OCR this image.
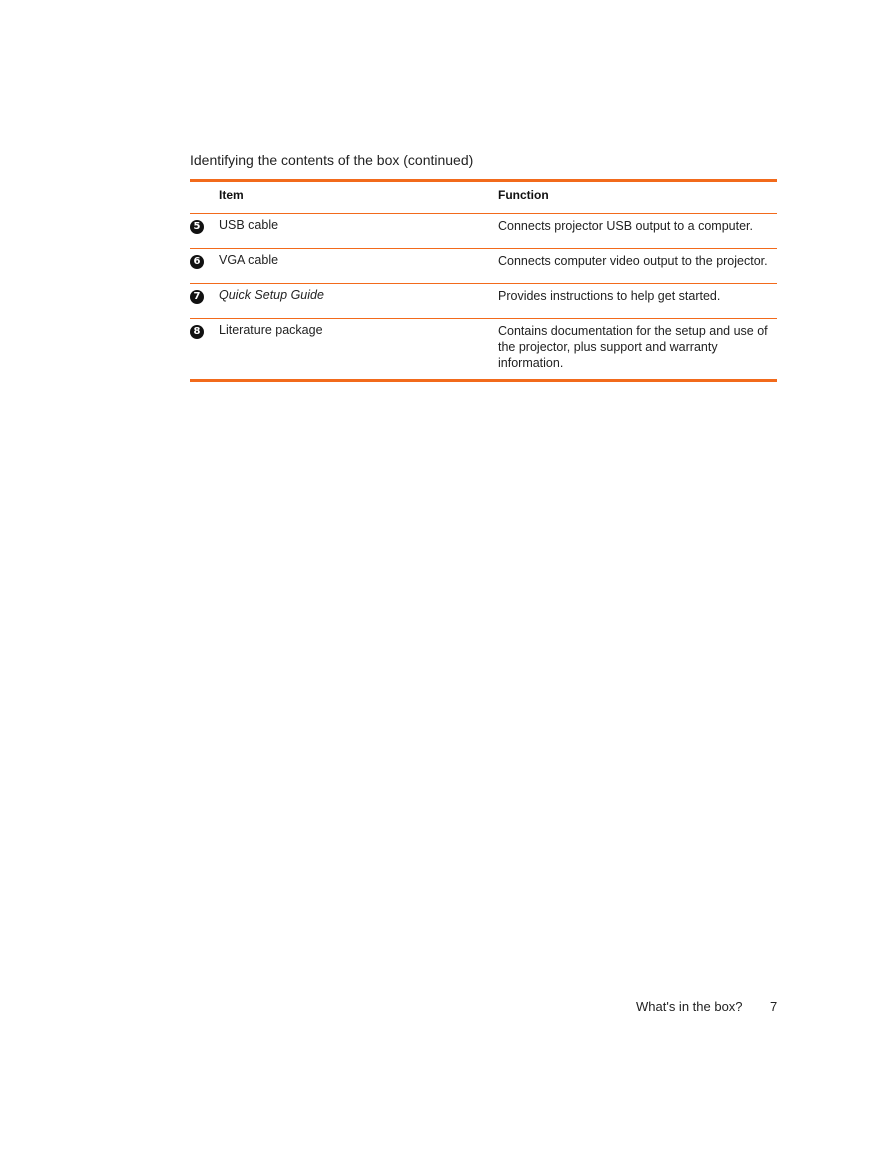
Identifying the contents of the box (continued)
Item	Function
5 USB cable	Connects projector USB output to a computer.
6 VGA cable	Connects computer video output to the projector.
7 Quick Setup Guide	Provides instructions to help get started.
8 Literature package	Contains documentation for the setup and use of the projector, plus support and warranty information.
What's in the box? 7
